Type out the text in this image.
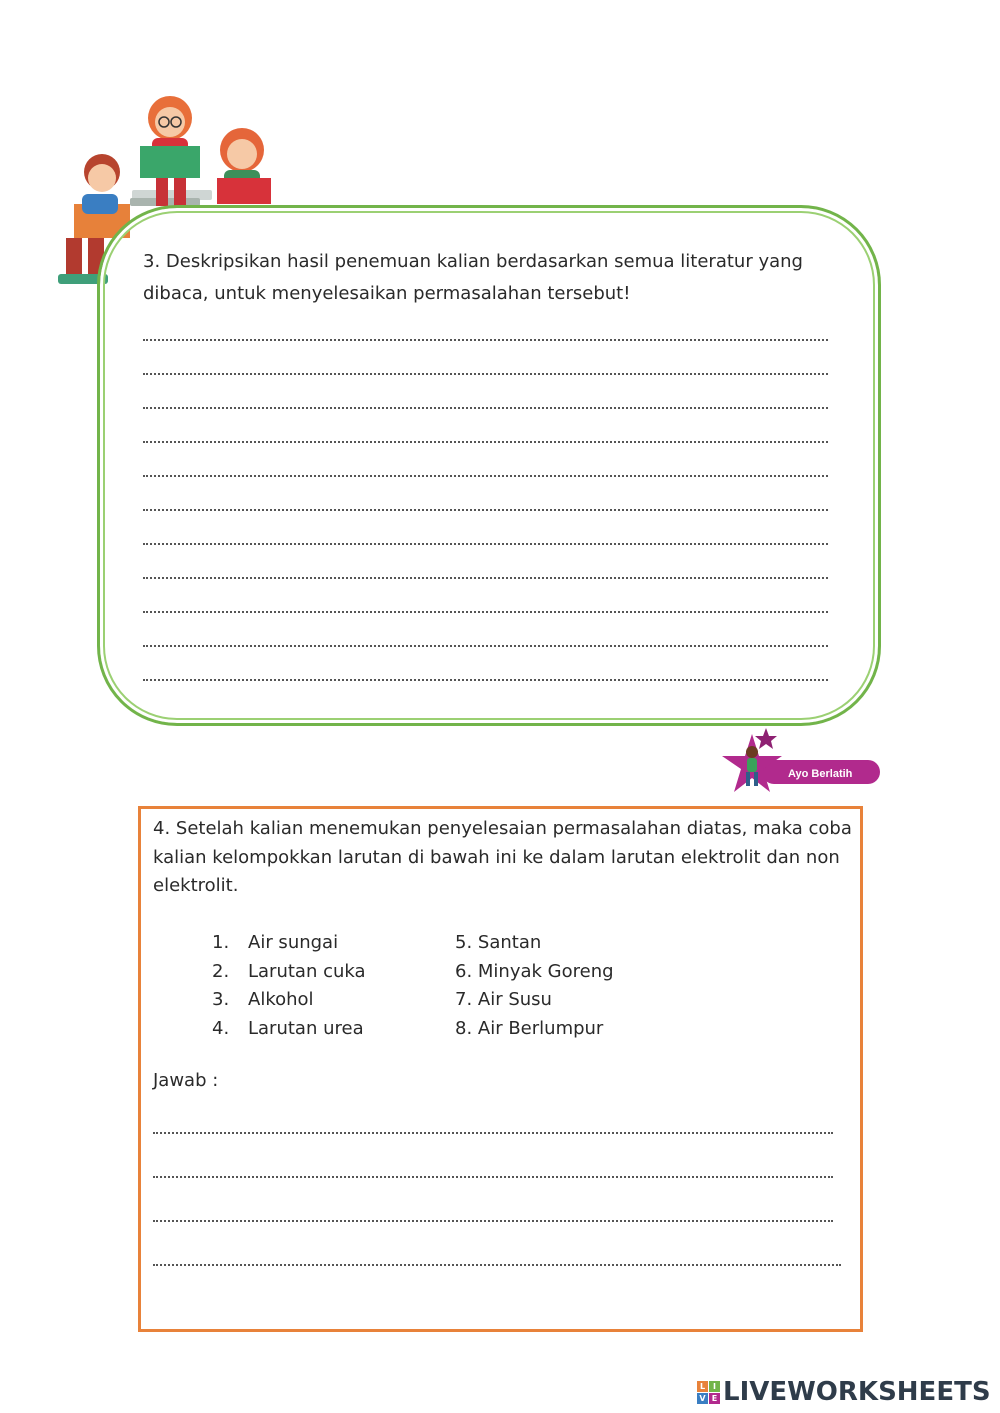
3. Deskripsikan hasil penemuan kalian berdasarkan semua literatur yang
dibaca, untuk menyelesaikan permasalahan tersebut!
Ayo Berlatih
4. Setelah kalian menemukan penyelesaian permasalahan diatas, maka coba
kalian kelompokkan larutan di bawah ini ke dalam larutan elektrolit dan non
elektrolit.
1. Air sungai
2. Larutan cuka
3. Alkohol
4. Larutan urea
5. Santan
6. Minyak Goreng
7. Air Susu
8. Air Berlumpur
Jawab :
L I
V E LIVEWORKSHEETS
